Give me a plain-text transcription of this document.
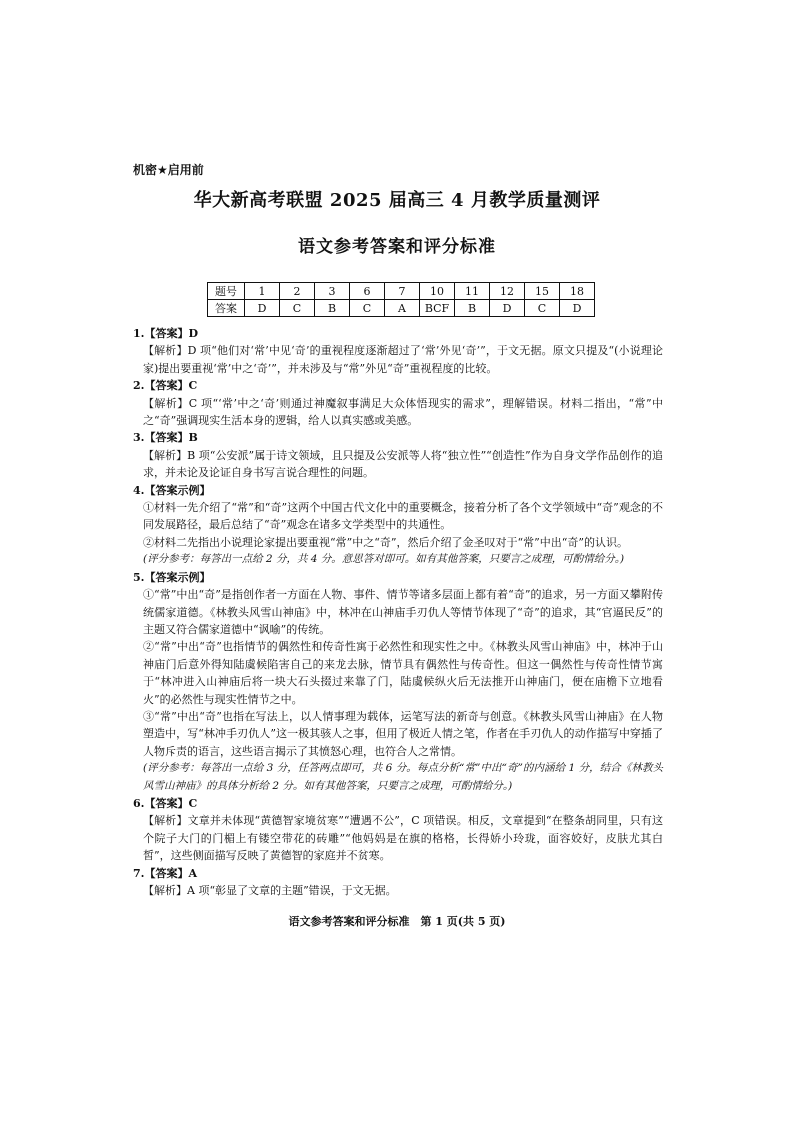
机密★启用前
华大新高考联盟 2025 届高三 4 月教学质量测评
语文参考答案和评分标准
题号	1	2	3	6	7	10	11	12	15	18
答案	D	C	B	C	A	BCF	B	D	C	D

1.【答案】D

【解析】D 项“他们对‘常’中见‘奇’的重视程度逐渐超过了‘常’外见‘奇’”，于文无据。原文只提及“(小说理论家)提出要重视‘常’中之‘奇’”，并未涉及与“常”外见“奇”重视程度的比较。

2.【答案】C

【解析】C 项“‘常’中之‘奇’则通过神魔叙事满足大众体悟现实的需求”，理解错误。材料二指出，“常”中之“奇”强调现实生活本身的逻辑，给人以真实感或美感。

3.【答案】B

【解析】B 项“公安派”属于诗文领域，且只提及公安派等人将“独立性”“创造性”作为自身文学作品创作的追求，并未论及论证自身书写言说合理性的问题。

4.【答案示例】

①材料一先介绍了“常”和“奇”这两个中国古代文化中的重要概念，接着分析了各个文学领域中“奇”观念的不同发展路径，最后总结了“奇”观念在诸多文学类型中的共通性。

②材料二先指出小说理论家提出要重视“常”中之“奇”，然后介绍了金圣叹对于“常”中出“奇”的认识。

(评分参考：每答出一点给 2 分，共 4 分。意思答对即可。如有其他答案，只要言之成理，可酌情给分。)

5.【答案示例】

①“常”中出“奇”是指创作者一方面在人物、事件、情节等诸多层面上都有着“奇”的追求，另一方面又攀附传统儒家道德。《林教头风雪山神庙》中，林冲在山神庙手刃仇人等情节体现了“奇”的追求，其“官逼民反”的主题又符合儒家道德中“讽喻”的传统。

②“常”中出“奇”也指情节的偶然性和传奇性寓于必然性和现实性之中。《林教头风雪山神庙》中，林冲于山神庙门后意外得知陆虞候陷害自己的来龙去脉，情节具有偶然性与传奇性。但这一偶然性与传奇性情节寓于“林冲进入山神庙后将一块大石头掇过来靠了门，陆虞候纵火后无法推开山神庙门，便在庙檐下立地看火”的必然性与现实性情节之中。

③“常”中出“奇”也指在写法上，以人情事理为载体，运笔写法的新奇与创意。《林教头风雪山神庙》在人物塑造中，写“林冲手刃仇人”这一极其骇人之事，但用了极近人情之笔，作者在手刃仇人的动作描写中穿插了人物斥责的语言，这些语言揭示了其愤怒心理，也符合人之常情。

(评分参考：每答出一点给 3 分，任答两点即可，共 6 分。每点分析“常”中出“奇”的内涵给 1 分，结合《林教头风雪山神庙》的具体分析给 2 分。如有其他答案，只要言之成理，可酌情给分。)

6.【答案】C

【解析】文章并未体现“黄德智家境贫寒”“遭遇不公”，C 项错误。相反，文章提到“在整条胡同里，只有这个院子大门的门楣上有镂空带花的砖雕”“他妈妈是在旗的格格，长得娇小玲珑，面容姣好，皮肤尤其白皙”，这些侧面描写反映了黄德智的家庭并不贫寒。

7.【答案】A

【解析】A 项“彰显了文章的主题”错误，于文无据。

语文参考答案和评分标准　第 1 页(共 5 页)
